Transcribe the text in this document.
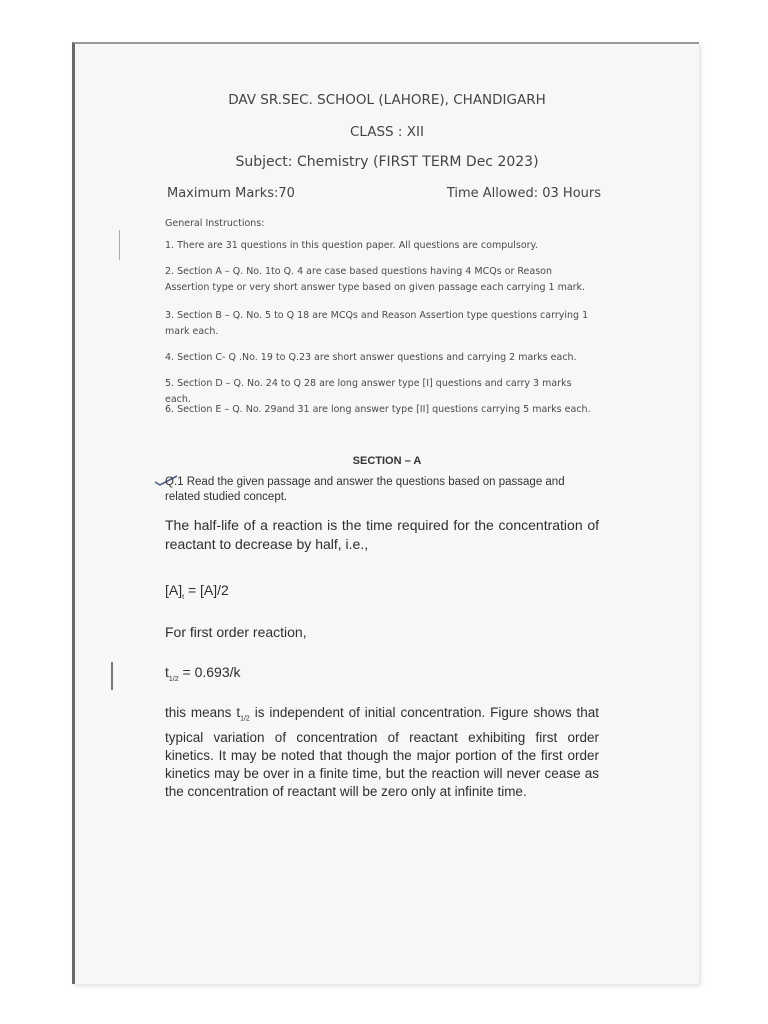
DAV SR.SEC. SCHOOL (LAHORE), CHANDIGARH
CLASS : XII
Subject: Chemistry (FIRST TERM Dec 2023)
Maximum Marks:70	Time Allowed: 03 Hours
General Instructions:
1. There are 31 questions in this question paper. All questions are compulsory.
2. Section A – Q. No. 1to Q. 4 are case based questions having 4 MCQs or Reason Assertion type or very short answer type based on given passage each carrying 1 mark.
3. Section B – Q. No. 5 to Q 18 are MCQs and Reason Assertion type questions carrying 1 mark each.
4. Section C- Q .No. 19 to Q.23 are short answer questions and carrying 2 marks each.
5. Section D – Q. No. 24 to Q 28 are long answer type [I] questions and carry 3 marks each.
6. Section E – Q. No. 29and 31 are long answer type [II] questions carrying 5 marks each.
SECTION – A
Q.1 Read the given passage and answer the questions based on passage and related studied concept.
The half-life of a reaction is the time required for the concentration of reactant to decrease by half, i.e.,
$[A]_t = [A]/2$
For first order reaction,
$t_{1/2} = 0.693/k$
this means $t_{1/2}$ is independent of initial concentration. Figure shows that typical variation of concentration of reactant exhibiting first order kinetics. It may be noted that though the major portion of the first order kinetics may be over in a finite time, but the reaction will never cease as the concentration of reactant will be zero only at infinite time.
